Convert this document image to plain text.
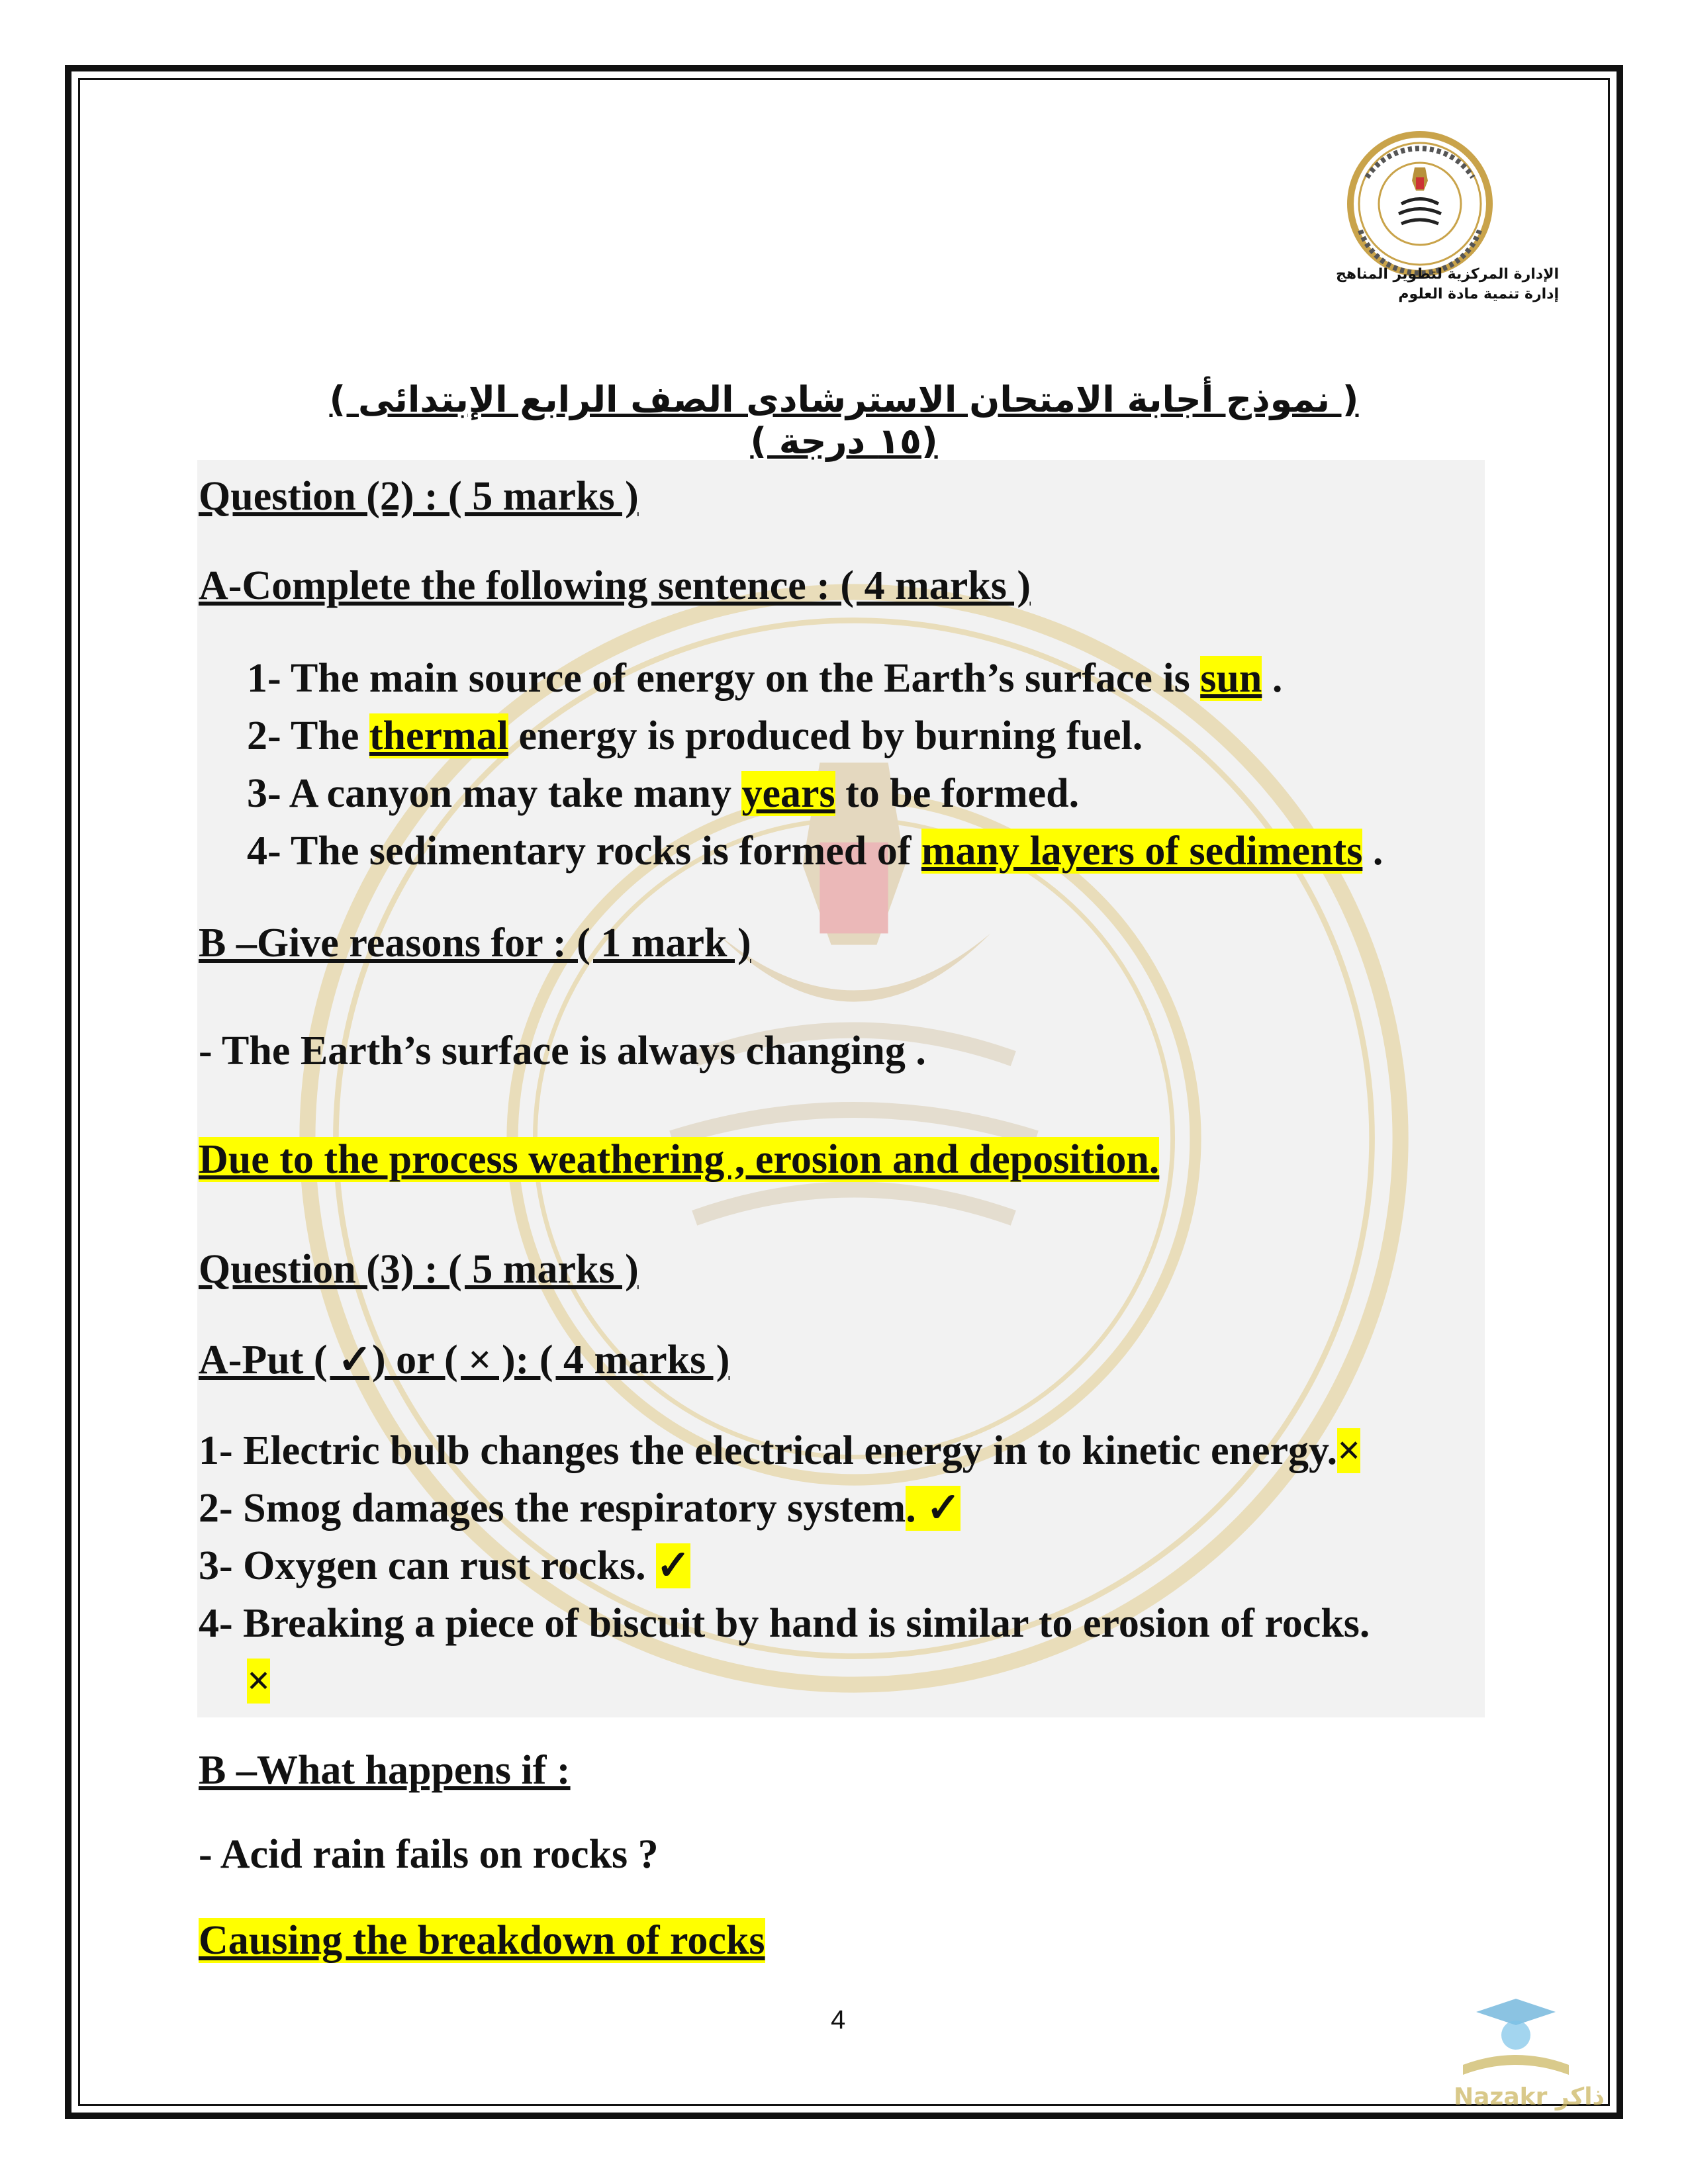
الإدارة المركزية لتطوير المناهج
إدارة تنمية مادة العلوم
( نموذج أجابة الامتحان الاسترشادى الصف الرابع الإبتدائى ) (١٥ درجة )
Question (2) : ( 5 marks )
A-Complete the following sentence : ( 4 marks )
1- The main source of energy on the Earth’s surface is sun .
2- The thermal energy is produced by burning fuel.
3- A canyon may take many years to be formed.
4- The sedimentary rocks is formed of many layers of sediments .
B –Give reasons for : ( 1 mark )
- The Earth’s surface is always changing .
Due to the process weathering , erosion and deposition.
Question (3) : ( 5 marks )
A-Put ( ✓) or ( × ): ( 4 marks )
1- Electric bulb changes the electrical energy in to kinetic energy.×
2- Smog damages the respiratory system. ✓
3- Oxygen can rust rocks. ✓
4- Breaking a piece of biscuit by hand is similar to erosion of rocks.
×
B –What happens if :
- Acid rain fails on rocks ?
Causing the breakdown of rocks
4
Nazakr ذاكر
